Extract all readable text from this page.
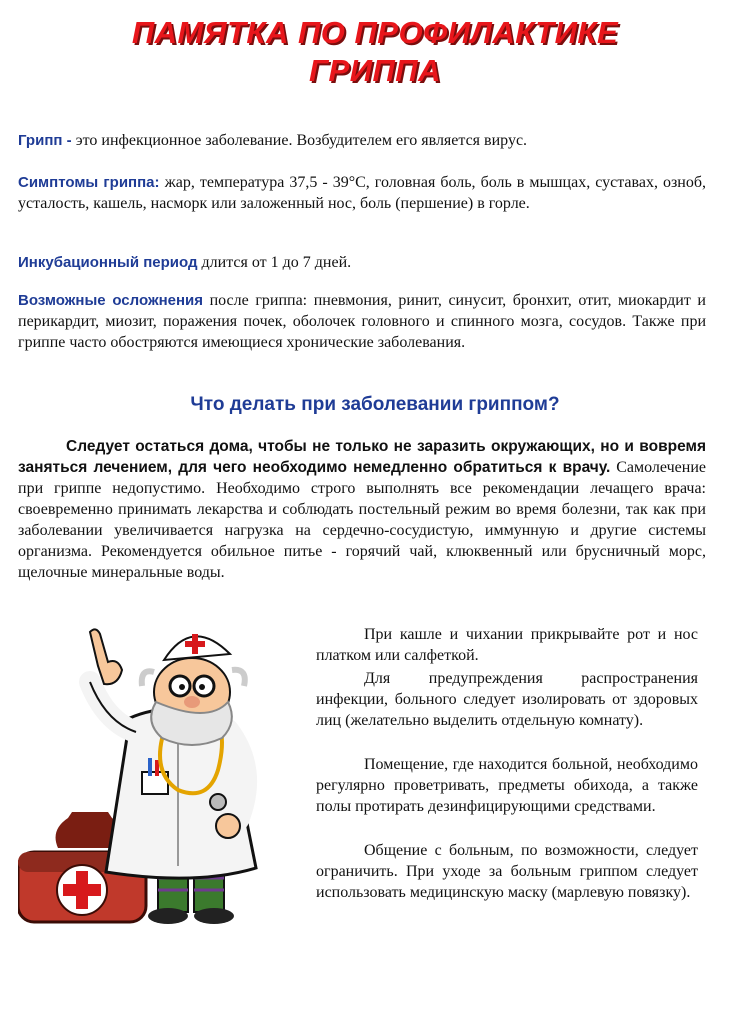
ПАМЯТКА ПО ПРОФИЛАКТИКЕ
ГРИППА
Грипп - это инфекционное заболевание. Возбудителем его является вирус.
Симптомы гриппа: жар, температура 37,5 - 39°С, головная боль, боль в мышцах, суставах, озноб, усталость, кашель, насморк или заложенный нос, боль (першение) в горле.
Инкубационный период длится от 1 до 7 дней.
Возможные осложнения после гриппа: пневмония, ринит, синусит, бронхит, отит, миокардит и перикардит, миозит, поражения почек, оболочек головного и спинного мозга, сосудов. Также при гриппе часто обостряются имеющиеся хронические заболевания.
Что делать при заболевании гриппом?
Следует остаться дома, чтобы не только не заразить окружающих, но и вовремя заняться лечением, для чего необходимо немедленно обратиться к врачу. Самолечение при гриппе недопустимо. Необходимо строго выполнять все рекомендации лечащего врача: своевременно принимать лекарства и соблюдать постельный режим во время болезни, так как при заболевании увеличивается нагрузка на сердечно-сосудистую, иммунную и другие системы организма. Рекомендуется обильное питье - горячий чай, клюквенный или брусничный морс, щелочные минеральные воды.
При кашле и чихании прикрывайте рот и нос платком или салфеткой.
Для предупреждения распространения инфекции, больного следует изолировать от здоровых лиц (желательно выделить отдельную комнату).
Помещение, где находится больной, необходимо регулярно проветривать, предметы обихода, а также полы протирать дезинфицирующими средствами.
Общение с больным, по возможности, следует ограничить. При уходе за больным гриппом следует использовать медицинскую маску (марлевую повязку).
